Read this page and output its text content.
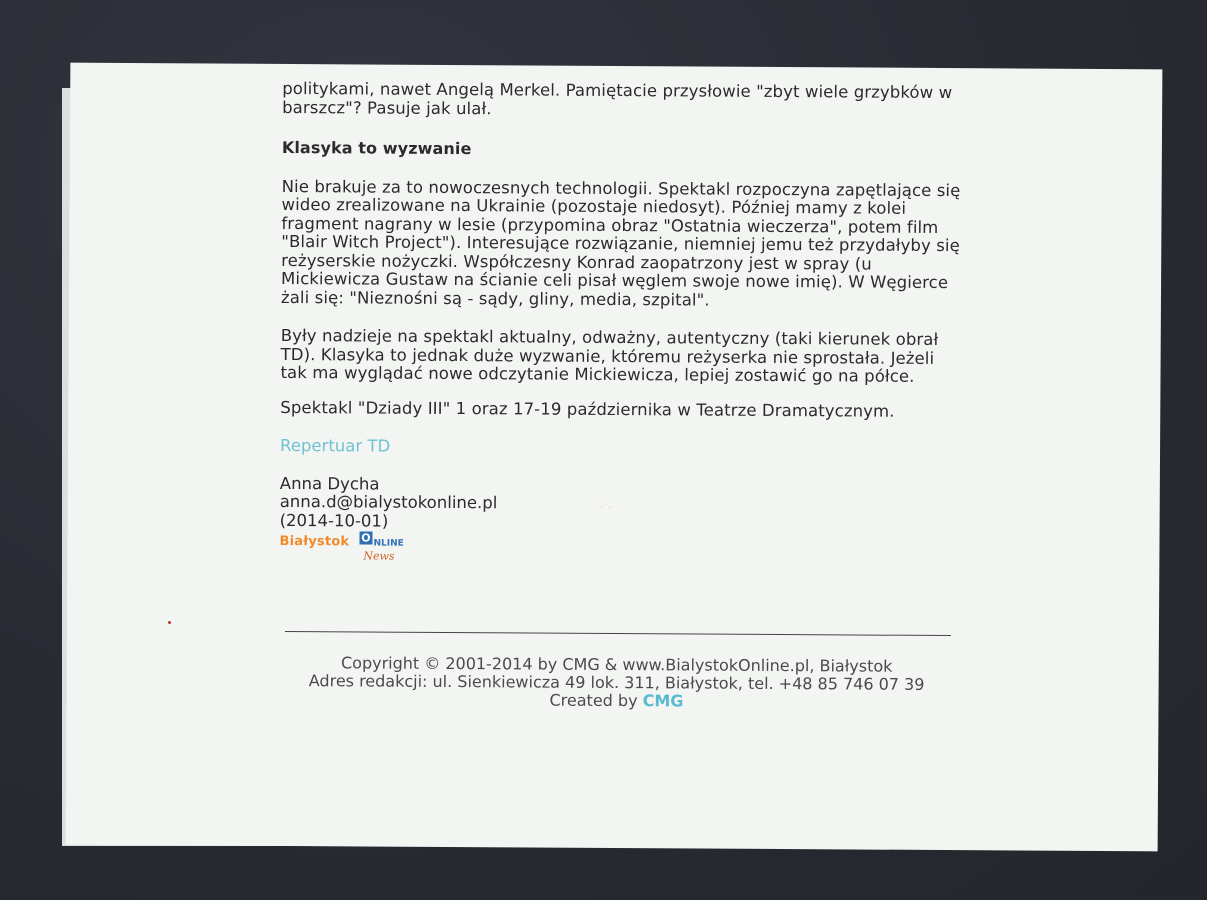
politykami, nawet Angelą Merkel. Pamiętacie przysłowie "zbyt wiele grzybków w barszcz"? Pasuje jak ulał.

Klasyka to wyzwanie

Nie brakuje za to nowoczesnych technologii. Spektakl rozpoczyna zapętlające się wideo zrealizowane na Ukrainie (pozostaje niedosyt). Później mamy z kolei fragment nagrany w lesie (przypomina obraz "Ostatnia wieczerza", potem film "Blair Witch Project"). Interesujące rozwiązanie, niemniej jemu też przydałyby się reżyserskie nożyczki. Współczesny Konrad zaopatrzony jest w spray (u Mickiewicza Gustaw na ścianie celi pisał węglem swoje nowe imię). W Węgierce żali się: "Nieznośni są - sądy, gliny, media, szpital".

Były nadzieje na spektakl aktualny, odważny, autentyczny (taki kierunek obrał TD). Klasyka to jednak duże wyzwanie, któremu reżyserka nie sprostała. Jeżeli tak ma wyglądać nowe odczytanie Mickiewicza, lepiej zostawić go na półce.

Spektakl "Dziady III" 1 oraz 17-19 października w Teatrze Dramatycznym.

Repertuar TD
Anna Dycha
anna.d@bialystokonline.pl
(2014-10-01)
Białystok O NLINE
News
Copyright © 2001-2014 by CMG & www.BialystokOnline.pl, Białystok
Adres redakcji: ul. Sienkiewicza 49 lok. 311, Białystok, tel. +48 85 746 07 39
Created by CMG
·˙·
